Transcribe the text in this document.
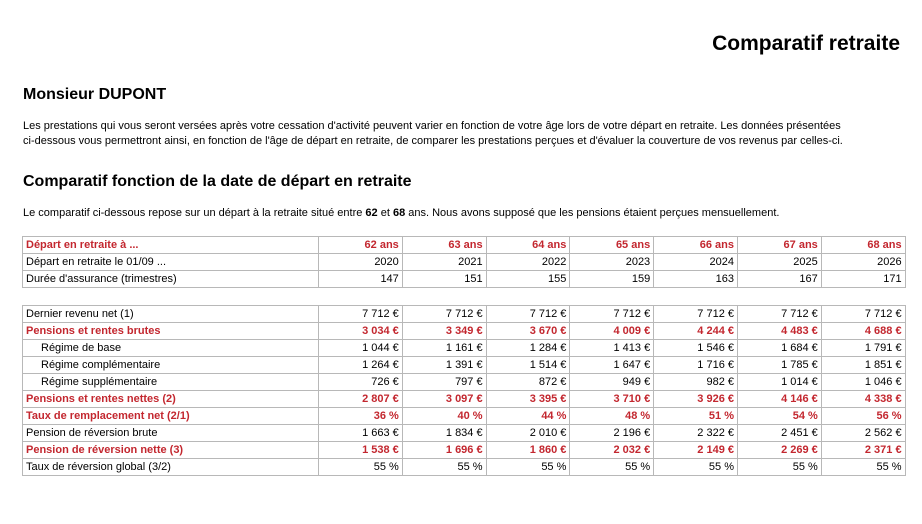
Comparatif retraite
Monsieur DUPONT
Les prestations qui vous seront versées après votre cessation d'activité peuvent varier en fonction de votre âge lors de votre départ en retraite. Les données présentées
ci-dessous vous permettront ainsi, en fonction de l'âge de départ en retraite, de comparer les prestations perçues et d'évaluer la couverture de vos revenus par celles-ci.
Comparatif fonction de la date de départ en retraite
Le comparatif ci-dessous repose sur un départ à la retraite situé entre 62 et 68 ans. Nous avons supposé que les pensions étaient perçues mensuellement.
Départ en retraite à ...	62 ans	63 ans	64 ans	65 ans	66 ans	67 ans	68 ans
Départ en retraite le 01/09 ...	2020	2021	2022	2023	2024	2025	2026
Durée d'assurance (trimestres)	147	151	155	159	163	167	171
Dernier revenu net (1)	7 712 €	7 712 €	7 712 €	7 712 €	7 712 €	7 712 €	7 712 €
Pensions et rentes brutes	3 034 €	3 349 €	3 670 €	4 009 €	4 244 €	4 483 €	4 688 €
Régime de base	1 044 €	1 161 €	1 284 €	1 413 €	1 546 €	1 684 €	1 791 €
Régime complémentaire	1 264 €	1 391 €	1 514 €	1 647 €	1 716 €	1 785 €	1 851 €
Régime supplémentaire	726 €	797 €	872 €	949 €	982 €	1 014 €	1 046 €
Pensions et rentes nettes (2)	2 807 €	3 097 €	3 395 €	3 710 €	3 926 €	4 146 €	4 338 €
Taux de remplacement net (2/1)	36 %	40 %	44 %	48 %	51 %	54 %	56 %
Pension de réversion brute	1 663 €	1 834 €	2 010 €	2 196 €	2 322 €	2 451 €	2 562 €
Pension de réversion nette (3)	1 538 €	1 696 €	1 860 €	2 032 €	2 149 €	2 269 €	2 371 €
Taux de réversion global (3/2)	55 %	55 %	55 %	55 %	55 %	55 %	55 %
